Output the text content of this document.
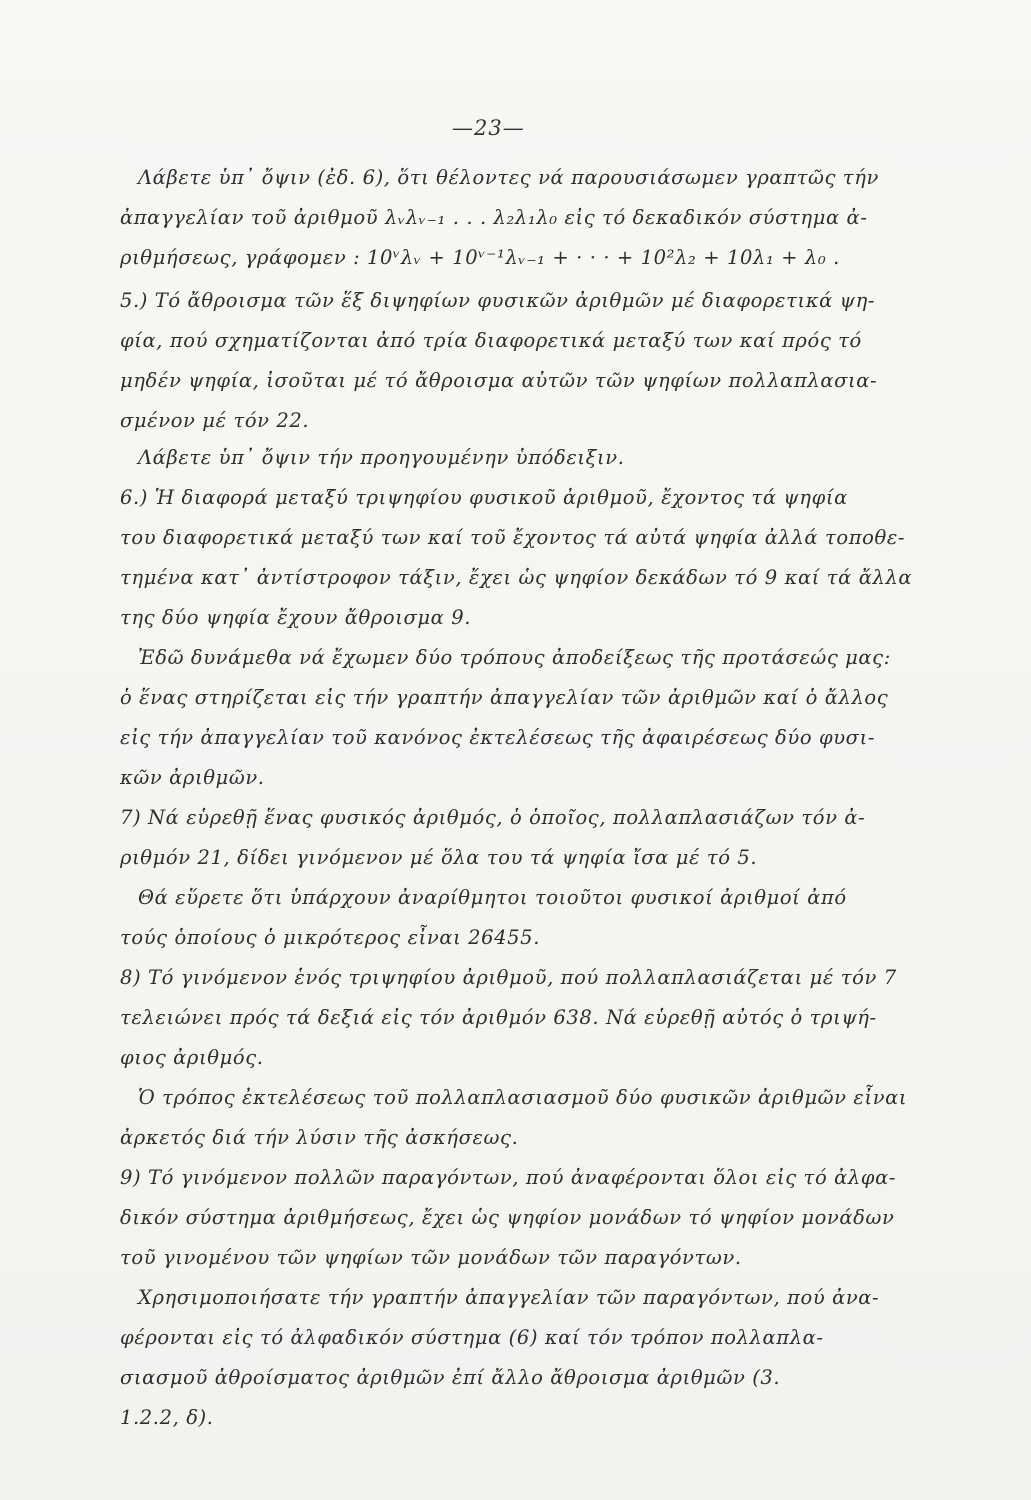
—23—
Λάβετε ὑπ᾽ ὄψιν (ἐδ. 6), ὅτι θέλοντες νά παρουσιάσωμεν γραπτῶς τήν
ἀπαγγελίαν τοῦ ἀριθμοῦ λᵥλᵥ₋₁ . . . λ₂λ₁λ₀ εἰς τό δεκαδικόν σύστημα ἀ-
ριθμήσεως, γράφομεν : 10ᵛλᵥ + 10ᵛ⁻¹λᵥ₋₁ + · · · + 10²λ₂ + 10λ₁ + λ₀ .
5.) Τό ἄθροισμα τῶν ἕξ διψηφίων φυσικῶν ἀριθμῶν μέ διαφορετικά ψη-
φία, πού σχηματίζονται ἀπό τρία διαφορετικά μεταξύ των καί πρός τό
μηδέν ψηφία, ἰσοῦται μέ τό ἄθροισμα αὐτῶν τῶν ψηφίων πολλαπλασια-
σμένον μέ τόν 22.
Λάβετε ὑπ᾽ ὄψιν τήν προηγουμένην ὑπόδειξιν.
6.) Ἡ διαφορά μεταξύ τριψηφίου φυσικοῦ ἀριθμοῦ, ἔχοντος τά ψηφία
του διαφορετικά μεταξύ των καί τοῦ ἔχοντος τά αὐτά ψηφία ἀλλά τοποθε-
τημένα κατ᾽ ἀντίστροφον τάξιν, ἔχει ὡς ψηφίον δεκάδων τό 9 καί τά ἄλλα
της δύο ψηφία ἔχουν ἄθροισμα 9.
Ἐδῶ δυνάμεθα νά ἔχωμεν δύο τρόπους ἀποδείξεως τῆς προτάσεώς μας:
ὁ ἕνας στηρίζεται εἰς τήν γραπτήν ἀπαγγελίαν τῶν ἀριθμῶν καί ὁ ἄλλος
εἰς τήν ἀπαγγελίαν τοῦ κανόνος ἐκτελέσεως τῆς ἀφαιρέσεως δύο φυσι-
κῶν ἀριθμῶν.
7) Νά εὑρεθῇ ἕνας φυσικός ἀριθμός, ὁ ὁποῖος, πολλαπλασιάζων τόν ἀ-
ριθμόν 21, δίδει γινόμενον μέ ὅλα του τά ψηφία ἴσα μέ τό 5.
Θά εὕρετε ὅτι ὑπάρχουν ἀναρίθμητοι τοιοῦτοι φυσικοί ἀριθμοί ἀπό
τούς ὁποίους ὁ μικρότερος εἶναι 26455.
8) Τό γινόμενον ἑνός τριψηφίου ἀριθμοῦ, πού πολλαπλασιάζεται μέ τόν 7
τελειώνει πρός τά δεξιά εἰς τόν ἀριθμόν 638. Νά εὑρεθῇ αὐτός ὁ τριψή-
φιος ἀριθμός.
Ὁ τρόπος ἐκτελέσεως τοῦ πολλαπλασιασμοῦ δύο φυσικῶν ἀριθμῶν εἶναι
ἀρκετός διά τήν λύσιν τῆς ἀσκήσεως.
9) Τό γινόμενον πολλῶν παραγόντων, πού ἀναφέρονται ὅλοι εἰς τό ἀλφα-
δικόν σύστημα ἀριθμήσεως, ἔχει ὡς ψηφίον μονάδων τό ψηφίον μονάδων
τοῦ γινομένου τῶν ψηφίων τῶν μονάδων τῶν παραγόντων.
Χρησιμοποιήσατε τήν γραπτήν ἀπαγγελίαν τῶν παραγόντων, πού ἀνα-
φέρονται εἰς τό ἀλφαδικόν σύστημα (6) καί τόν τρόπον πολλαπλα-
σιασμοῦ ἀθροίσματος ἀριθμῶν ἐπί ἄλλο ἄθροισμα ἀριθμῶν (3.
1.2.2, δ).
